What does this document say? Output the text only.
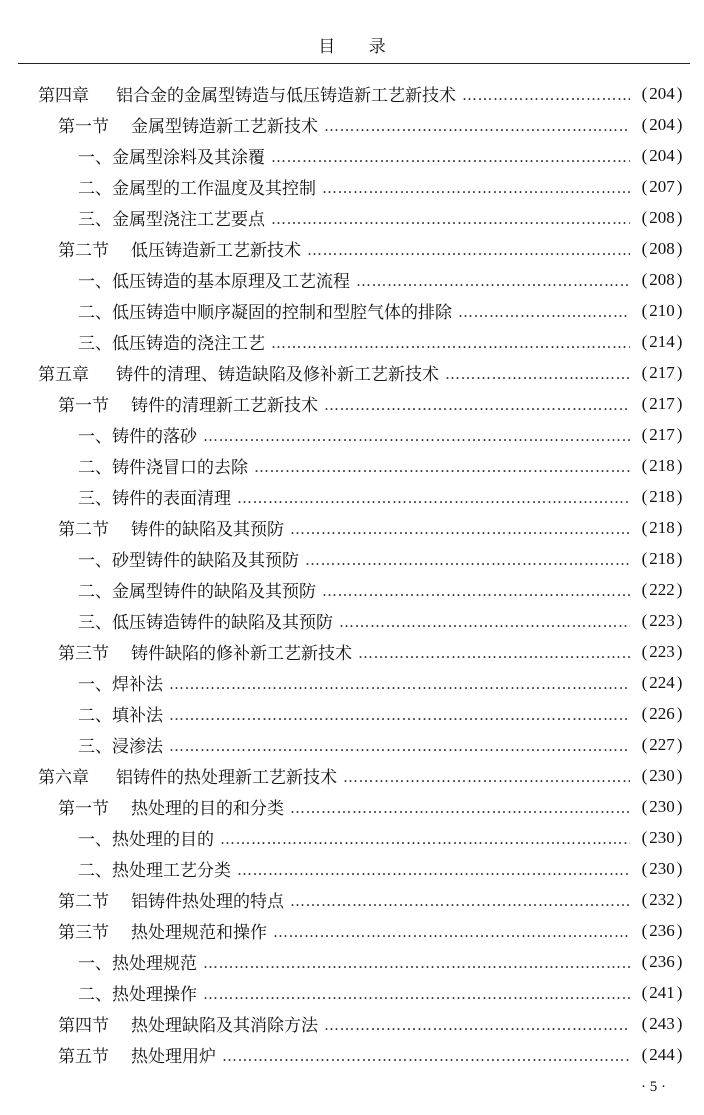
目 录
第四章 铝合金的金属型铸造与低压铸造新工艺新技术 …………………………………………………………………………………………………………………………………………………………………………	( 204 )
第一节 金属型铸造新工艺新技术 …………………………………………………………………………………………………………………………………………………………………………	( 204 )
一、金属型涂料及其涂覆 …………………………………………………………………………………………………………………………………………………………………………	( 204 )
二、金属型的工作温度及其控制 …………………………………………………………………………………………………………………………………………………………………………	( 207 )
三、金属型浇注工艺要点 …………………………………………………………………………………………………………………………………………………………………………	( 208 )
第二节 低压铸造新工艺新技术 …………………………………………………………………………………………………………………………………………………………………………	( 208 )
一、低压铸造的基本原理及工艺流程 …………………………………………………………………………………………………………………………………………………………………………	( 208 )
二、低压铸造中顺序凝固的控制和型腔气体的排除 …………………………………………………………………………………………………………………………………………………………………………	( 210 )
三、低压铸造的浇注工艺 …………………………………………………………………………………………………………………………………………………………………………	( 214 )
第五章 铸件的清理、铸造缺陷及修补新工艺新技术 …………………………………………………………………………………………………………………………………………………………………………	( 217 )
第一节 铸件的清理新工艺新技术 …………………………………………………………………………………………………………………………………………………………………………	( 217 )
一、铸件的落砂 …………………………………………………………………………………………………………………………………………………………………………	( 217 )
二、铸件浇冒口的去除 …………………………………………………………………………………………………………………………………………………………………………	( 218 )
三、铸件的表面清理 …………………………………………………………………………………………………………………………………………………………………………	( 218 )
第二节 铸件的缺陷及其预防 …………………………………………………………………………………………………………………………………………………………………………	( 218 )
一、砂型铸件的缺陷及其预防 …………………………………………………………………………………………………………………………………………………………………………	( 218 )
二、金属型铸件的缺陷及其预防 …………………………………………………………………………………………………………………………………………………………………………	( 222 )
三、低压铸造铸件的缺陷及其预防 …………………………………………………………………………………………………………………………………………………………………………	( 223 )
第三节 铸件缺陷的修补新工艺新技术 …………………………………………………………………………………………………………………………………………………………………………	( 223 )
一、焊补法 …………………………………………………………………………………………………………………………………………………………………………	( 224 )
二、填补法 …………………………………………………………………………………………………………………………………………………………………………	( 226 )
三、浸渗法 …………………………………………………………………………………………………………………………………………………………………………	( 227 )
第六章 铝铸件的热处理新工艺新技术 …………………………………………………………………………………………………………………………………………………………………………	( 230 )
第一节 热处理的目的和分类 …………………………………………………………………………………………………………………………………………………………………………	( 230 )
一、热处理的目的 …………………………………………………………………………………………………………………………………………………………………………	( 230 )
二、热处理工艺分类 …………………………………………………………………………………………………………………………………………………………………………	( 230 )
第二节 铝铸件热处理的特点 …………………………………………………………………………………………………………………………………………………………………………	( 232 )
第三节 热处理规范和操作 …………………………………………………………………………………………………………………………………………………………………………	( 236 )
一、热处理规范 …………………………………………………………………………………………………………………………………………………………………………	( 236 )
二、热处理操作 …………………………………………………………………………………………………………………………………………………………………………	( 241 )
第四节 热处理缺陷及其消除方法 …………………………………………………………………………………………………………………………………………………………………………	( 243 )
第五节 热处理用炉 …………………………………………………………………………………………………………………………………………………………………………	( 244 )
· 5 ·
